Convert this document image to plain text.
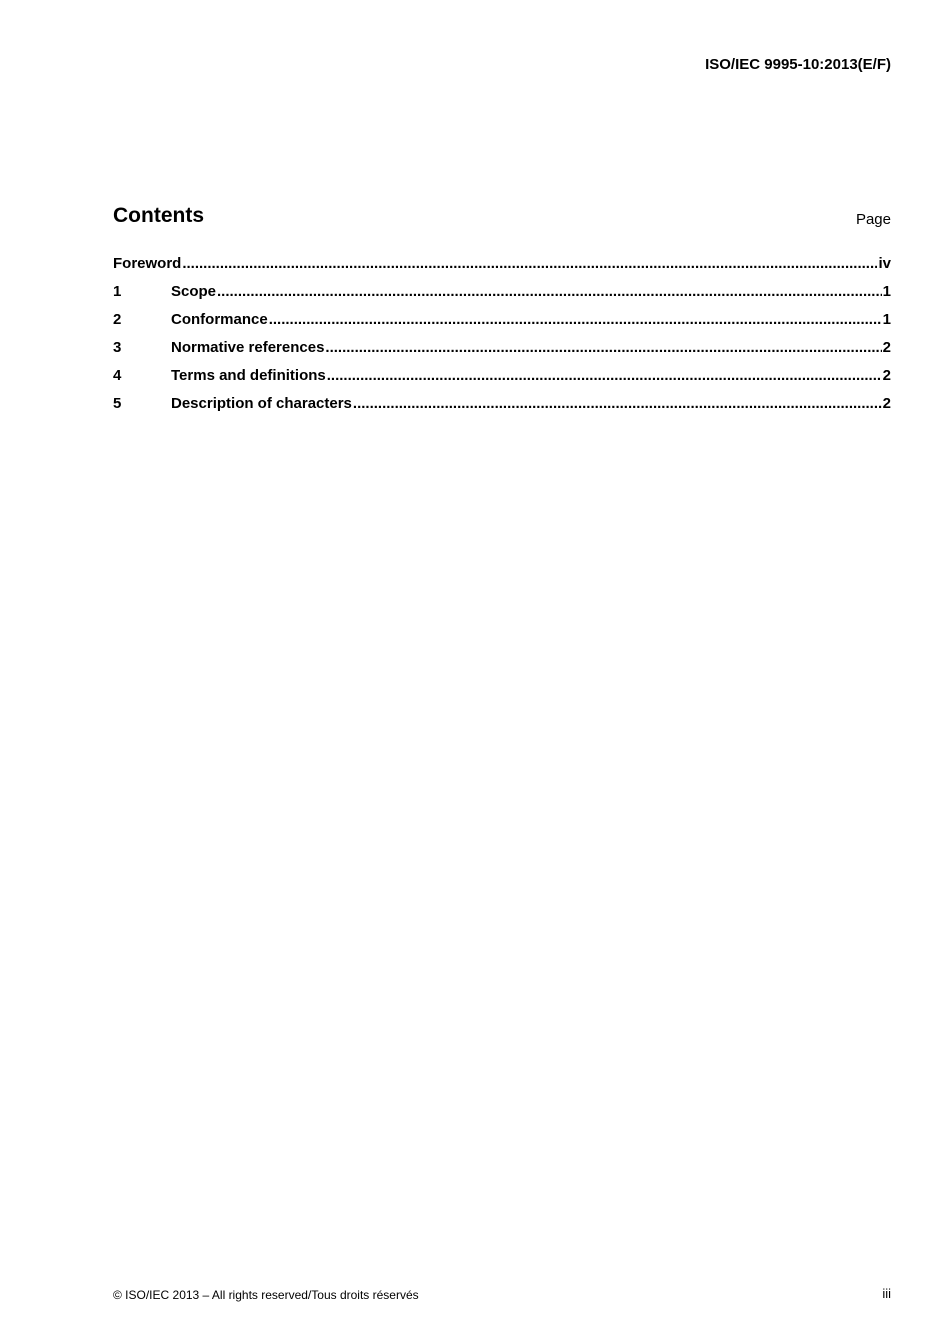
ISO/IEC 9995-10:2013(E/F)
Contents	Page
Foreword .....	iv
1	Scope .....	1
2	Conformance .....	1
3	Normative references .....	2
4	Terms and definitions .....	2
5	Description of characters .....	2
© ISO/IEC 2013 – All rights reserved/Tous droits réservés	iii
